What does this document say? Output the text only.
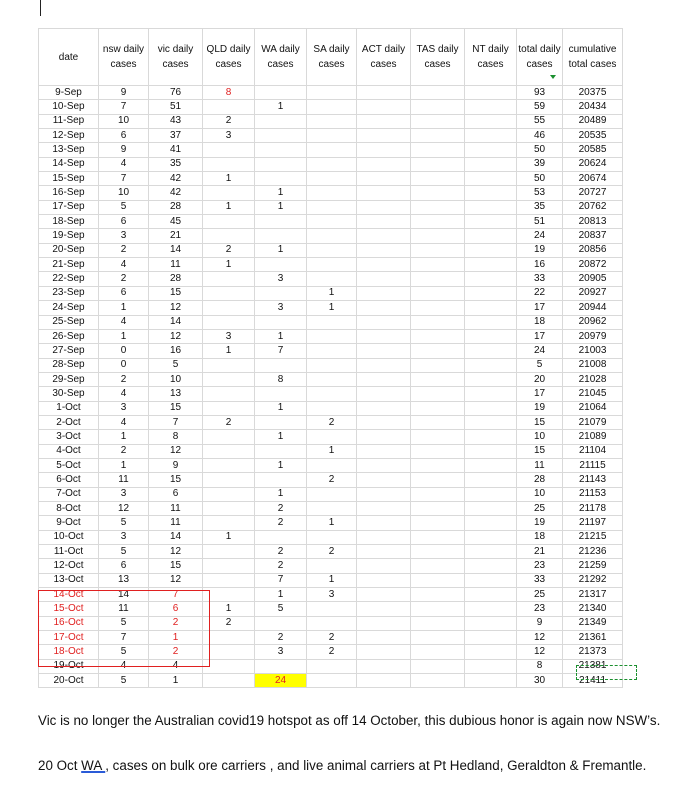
date	nsw daily cases	vic daily cases	QLD daily cases	WA daily cases	SA daily cases	ACT daily cases	TAS daily cases	NT daily cases	total daily cases	cumulative total cases
9-Sep	9	76	8						93	20375
10-Sep	7	51		1					59	20434
11-Sep	10	43	2						55	20489
12-Sep	6	37	3						46	20535
13-Sep	9	41							50	20585
14-Sep	4	35							39	20624
15-Sep	7	42	1						50	20674
16-Sep	10	42		1					53	20727
17-Sep	5	28	1	1					35	20762
18-Sep	6	45							51	20813
19-Sep	3	21							24	20837
20-Sep	2	14	2	1					19	20856
21-Sep	4	11	1						16	20872
22-Sep	2	28		3					33	20905
23-Sep	6	15			1				22	20927
24-Sep	1	12		3	1				17	20944
25-Sep	4	14							18	20962
26-Sep	1	12	3	1					17	20979
27-Sep	0	16	1	7					24	21003
28-Sep	0	5							5	21008
29-Sep	2	10		8					20	21028
30-Sep	4	13							17	21045
1-Oct	3	15		1					19	21064
2-Oct	4	7	2		2				15	21079
3-Oct	1	8		1					10	21089
4-Oct	2	12			1				15	21104
5-Oct	1	9		1					11	21115
6-Oct	11	15			2				28	21143
7-Oct	3	6		1					10	21153
8-Oct	12	11		2					25	21178
9-Oct	5	11		2	1				19	21197
10-Oct	3	14	1						18	21215
11-Oct	5	12		2	2				21	21236
12-Oct	6	15		2					23	21259
13-Oct	13	12		7	1				33	21292
14-Oct	14	7		1	3				25	21317
15-Oct	11	6	1	5					23	21340
16-Oct	5	2	2						9	21349
17-Oct	7	1		2	2				12	21361
18-Oct	5	2		3	2				12	21373
19-Oct	4	4							8	21381
20-Oct	5	1		24					30	21411
Vic is no longer the Australian covid19 hotspot as off 14 October, this dubious honor is again now NSW’s.
20 Oct WA , cases on bulk ore carriers , and live animal carriers at Pt Hedland, Geraldton & Fremantle.
